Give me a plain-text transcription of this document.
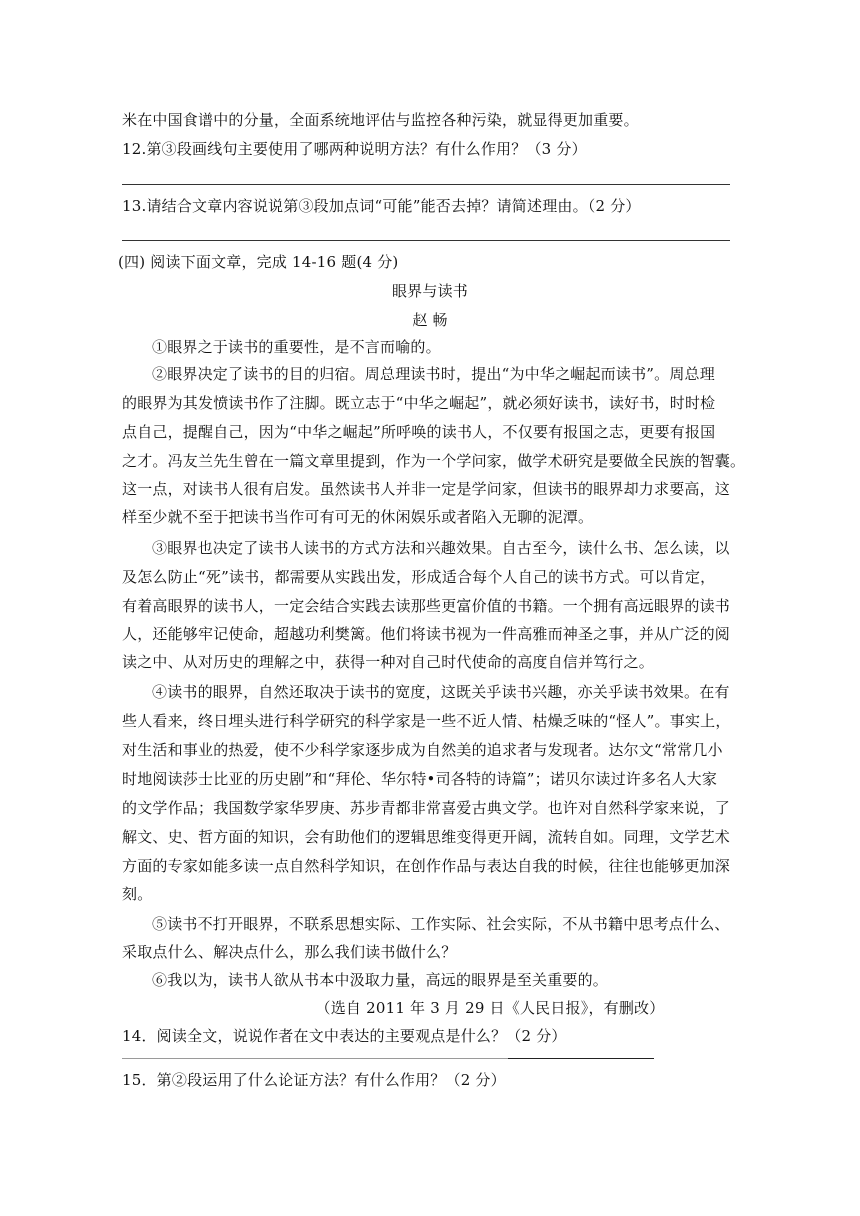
米在中国食谱中的分量，全面系统地评估与监控各种污染，就显得更加重要。
12.第③段画线句主要使用了哪两种说明方法？有什么作用？（3 分）
13.请结合文章内容说说第③段加点词“可能”能否去掉？请简述理由。（2 分）
(四) 阅读下面文章，完成 14-16 题(4 分)
眼界与读书
赵 畅
①眼界之于读书的重要性，是不言而喻的。
②眼界决定了读书的目的归宿。周总理读书时，提出“为中华之崛起而读书”。周总理
的眼界为其发愤读书作了注脚。既立志于“中华之崛起”，就必须好读书，读好书，时时检
点自己，提醒自己，因为“中华之崛起”所呼唤的读书人，不仅要有报国之志，更要有报国
之才。冯友兰先生曾在一篇文章里提到，作为一个学问家，做学术研究是要做全民族的智囊。
这一点，对读书人很有启发。虽然读书人并非一定是学问家，但读书的眼界却力求要高，这
样至少就不至于把读书当作可有可无的休闲娱乐或者陷入无聊的泥潭。
③眼界也决定了读书人读书的方式方法和兴趣效果。自古至今，读什么书、怎么读，以
及怎么防止“死”读书，都需要从实践出发，形成适合每个人自己的读书方式。可以肯定，
有着高眼界的读书人，一定会结合实践去读那些更富价值的书籍。一个拥有高远眼界的读书
人，还能够牢记使命，超越功利樊篱。他们将读书视为一件高雅而神圣之事，并从广泛的阅
读之中、从对历史的理解之中，获得一种对自己时代使命的高度自信并笃行之。
④读书的眼界，自然还取决于读书的宽度，这既关乎读书兴趣，亦关乎读书效果。在有
些人看来，终日埋头进行科学研究的科学家是一些不近人情、枯燥乏味的“怪人”。事实上，
对生活和事业的热爱，使不少科学家逐步成为自然美的追求者与发现者。达尔文“常常几小
时地阅读莎士比亚的历史剧”和“拜伦、华尔特•司各特的诗篇”；诺贝尔读过许多名人大家
的文学作品；我国数学家华罗庚、苏步青都非常喜爱古典文学。也许对自然科学家来说，了
解文、史、哲方面的知识，会有助他们的逻辑思维变得更开阔，流转自如。同理，文学艺术
方面的专家如能多读一点自然科学知识，在创作作品与表达自我的时候，往往也能够更加深
刻。
⑤读书不打开眼界，不联系思想实际、工作实际、社会实际，不从书籍中思考点什么、
采取点什么、解决点什么，那么我们读书做什么？
⑥我以为，读书人欲从书本中汲取力量，高远的眼界是至关重要的。
（选自 2011 年 3 月 29 日《人民日报》，有删改）
14．阅读全文，说说作者在文中表达的主要观点是什么？（2 分）
15．第②段运用了什么论证方法？有什么作用？（2 分）
